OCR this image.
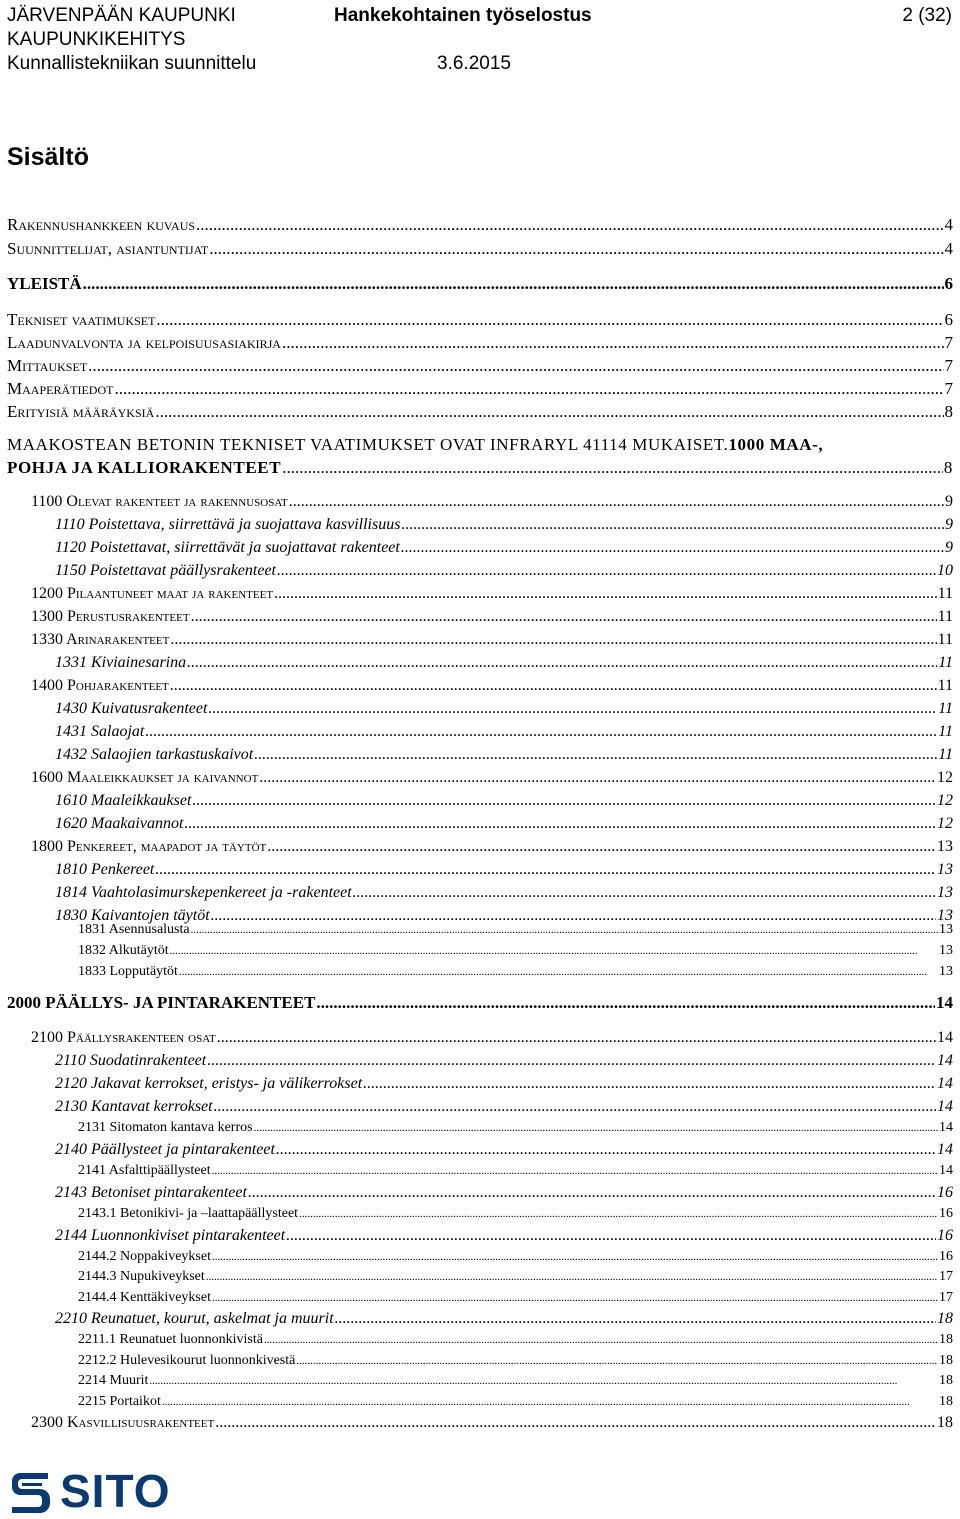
JÄRVENPÄÄN KAUPUNKI
KAUPUNKIKEHITYS
Kunnallistekniikan suunnittelu
Hankekohtainen työselostus
3.6.2015
2 (32)
Sisältö
Rakennushankkeen kuvaus .....	4
Suunnittelijat, asiantuntijat .....	4
YLEISTÄ .....	6
Tekniset vaatimukset .....	6
Laadunvalvonta ja kelpoisuusasiakirja .....	7
Mittaukset .....	7
Maaperätiedot .....	7
Erityisiä määräyksiä .....	8
MAAKOSTEAN BETONIN TEKNISET VAATIMUKSET OVAT INFRARYL 41114 MUKAISET. 1000 MAA-,
POHJA JA KALLIORAKENTEET .....	8
1100 Olevat rakenteet ja rakennusosat .....	9
1110 Poistettava, siirrettävä ja suojattava kasvillisuus .....	9
1120 Poistettavat, siirrettävät ja suojattavat rakenteet .....	9
1150 Poistettavat päällysrakenteet .....	10
1200 Pilaantuneet maat ja rakenteet .....	11
1300 Perustusrakenteet .....	11
1330 Arinarakenteet .....	11
1331 Kiviainesarina .....	11
1400 Pohjarakenteet .....	11
1430 Kuivatusrakenteet .....	11
1431 Salaojat .....	11
1432 Salaojien tarkastuskaivot .....	11
1600 Maaleikkaukset ja kaivannot .....	12
1610 Maaleikkaukset .....	12
1620 Maakaivannot .....	12
1800 Penkereet, maapadot ja täytöt .....	13
1810 Penkereet .....	13
1814 Vaahtolasimurskepenkereet ja -rakenteet .....	13
1830 Kaivantojen täytöt .....	13
1831 Asennusalusta .....	13
1832 Alkutäytöt .....	13
1833 Lopputäytöt .....	13
2000 PÄÄLLYS- JA PINTARAKENTEET .....	14
2100 Päällysrakenteen osat .....	14
2110 Suodatinrakenteet .....	14
2120 Jakavat kerrokset, eristys- ja välikerrokset .....	14
2130 Kantavat kerrokset .....	14
2131 Sitomaton kantava kerros .....	14
2140 Päällysteet ja pintarakenteet .....	14
2141 Asfalttipäällysteet .....	14
2143 Betoniset pintarakenteet .....	16
2143.1 Betonikivi- ja –laattapäällysteet .....	16
2144 Luonnonkiviset pintarakenteet .....	16
2144.2 Noppakiveykset .....	16
2144.3 Nupukiveykset .....	17
2144.4 Kenttäkiveykset .....	17
2210 Reunatuet, kourut, askelmat ja muurit .....	18
2211.1 Reunatuet luonnonkivistä .....	18
2212.2 Hulevesikourut luonnonkivestä .....	18
2214 Muurit .....	18
2215 Portaikot .....	18
2300 Kasvillisuusrakenteet .....	18
SITO
